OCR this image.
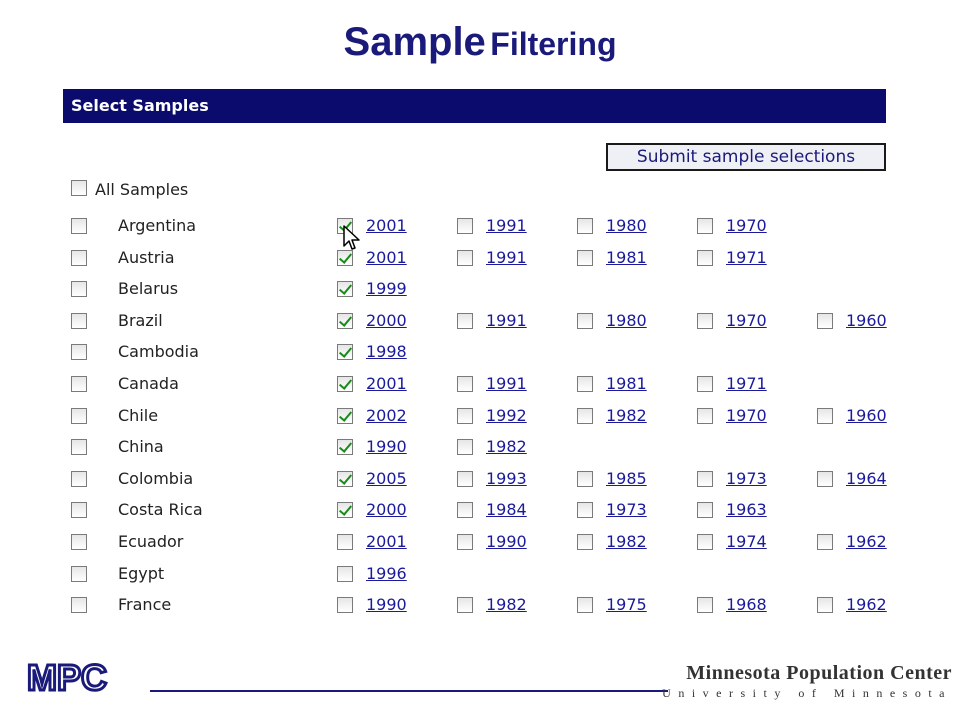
Sample Filtering
Select Samples
Submit sample selections
All Samples
Argentina	2001	1991	1980	1970
Austria	2001	1991	1981	1971
Belarus	1999
Brazil	2000	1991	1980	1970	1960
Cambodia	1998
Canada	2001	1991	1981	1971
Chile	2002	1992	1982	1970	1960
China	1990	1982
Colombia	2005	1993	1985	1973	1964
Costa Rica	2000	1984	1973	1963
Ecuador	2001	1990	1982	1974	1962
Egypt	1996
France	1990	1982	1975	1968	1962
MPC	Minnesota Population Center
University of Minnesota
